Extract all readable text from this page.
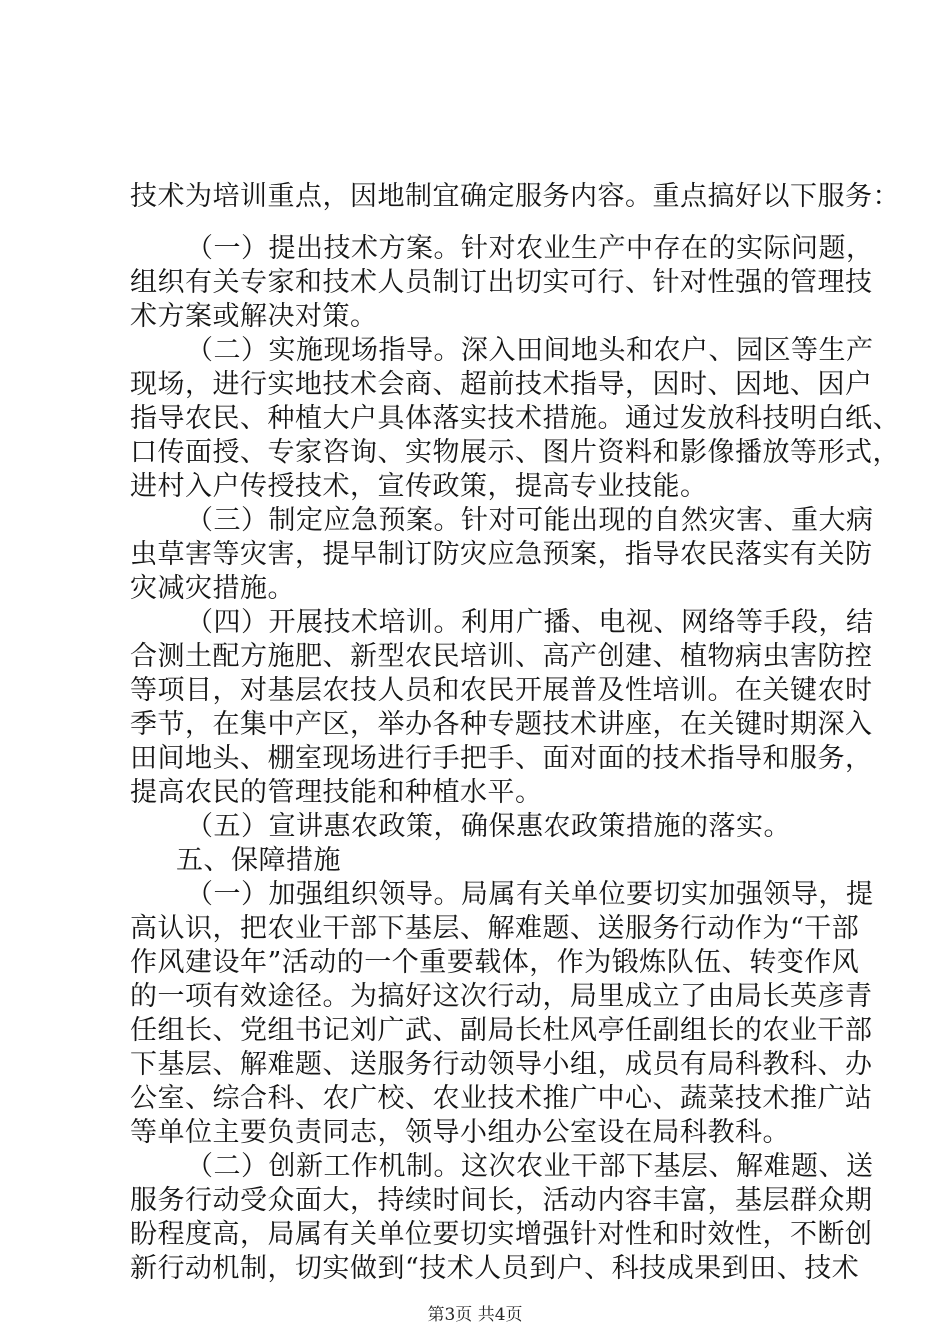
技术为培训重点，因地制宜确定服务内容。重点搞好以下服务：
（一）提出技术方案。针对农业生产中存在的实际问题，
组织有关专家和技术人员制订出切实可行、针对性强的管理技
术方案或解决对策。
（二）实施现场指导。深入田间地头和农户、园区等生产
现场，进行实地技术会商、超前技术指导，因时、因地、因户
指导农民、种植大户具体落实技术措施。通过发放科技明白纸、
口传面授、专家咨询、实物展示、图片资料和影像播放等形式，
进村入户传授技术，宣传政策，提高专业技能。
（三）制定应急预案。针对可能出现的自然灾害、重大病
虫草害等灾害，提早制订防灾应急预案，指导农民落实有关防
灾减灾措施。
（四）开展技术培训。利用广播、电视、网络等手段，结
合测土配方施肥、新型农民培训、高产创建、植物病虫害防控
等项目，对基层农技人员和农民开展普及性培训。在关键农时
季节，在集中产区，举办各种专题技术讲座，在关键时期深入
田间地头、棚室现场进行手把手、面对面的技术指导和服务，
提高农民的管理技能和种植水平。
（五）宣讲惠农政策，确保惠农政策措施的落实。
五、保障措施
（一）加强组织领导。局属有关单位要切实加强领导，提
高认识，把农业干部下基层、解难题、送服务行动作为“干部
作风建设年”活动的一个重要载体，作为锻炼队伍、转变作风
的一项有效途径。为搞好这次行动，局里成立了由局长英彦青
任组长、党组书记刘广武、副局长杜风亭任副组长的农业干部
下基层、解难题、送服务行动领导小组，成员有局科教科、办
公室、综合科、农广校、农业技术推广中心、蔬菜技术推广站
等单位主要负责同志，领导小组办公室设在局科教科。
（二）创新工作机制。这次农业干部下基层、解难题、送
服务行动受众面大，持续时间长，活动内容丰富，基层群众期
盼程度高，局属有关单位要切实增强针对性和时效性，不断创
新行动机制，切实做到“技术人员到户、科技成果到田、技术
第3页 共4页
